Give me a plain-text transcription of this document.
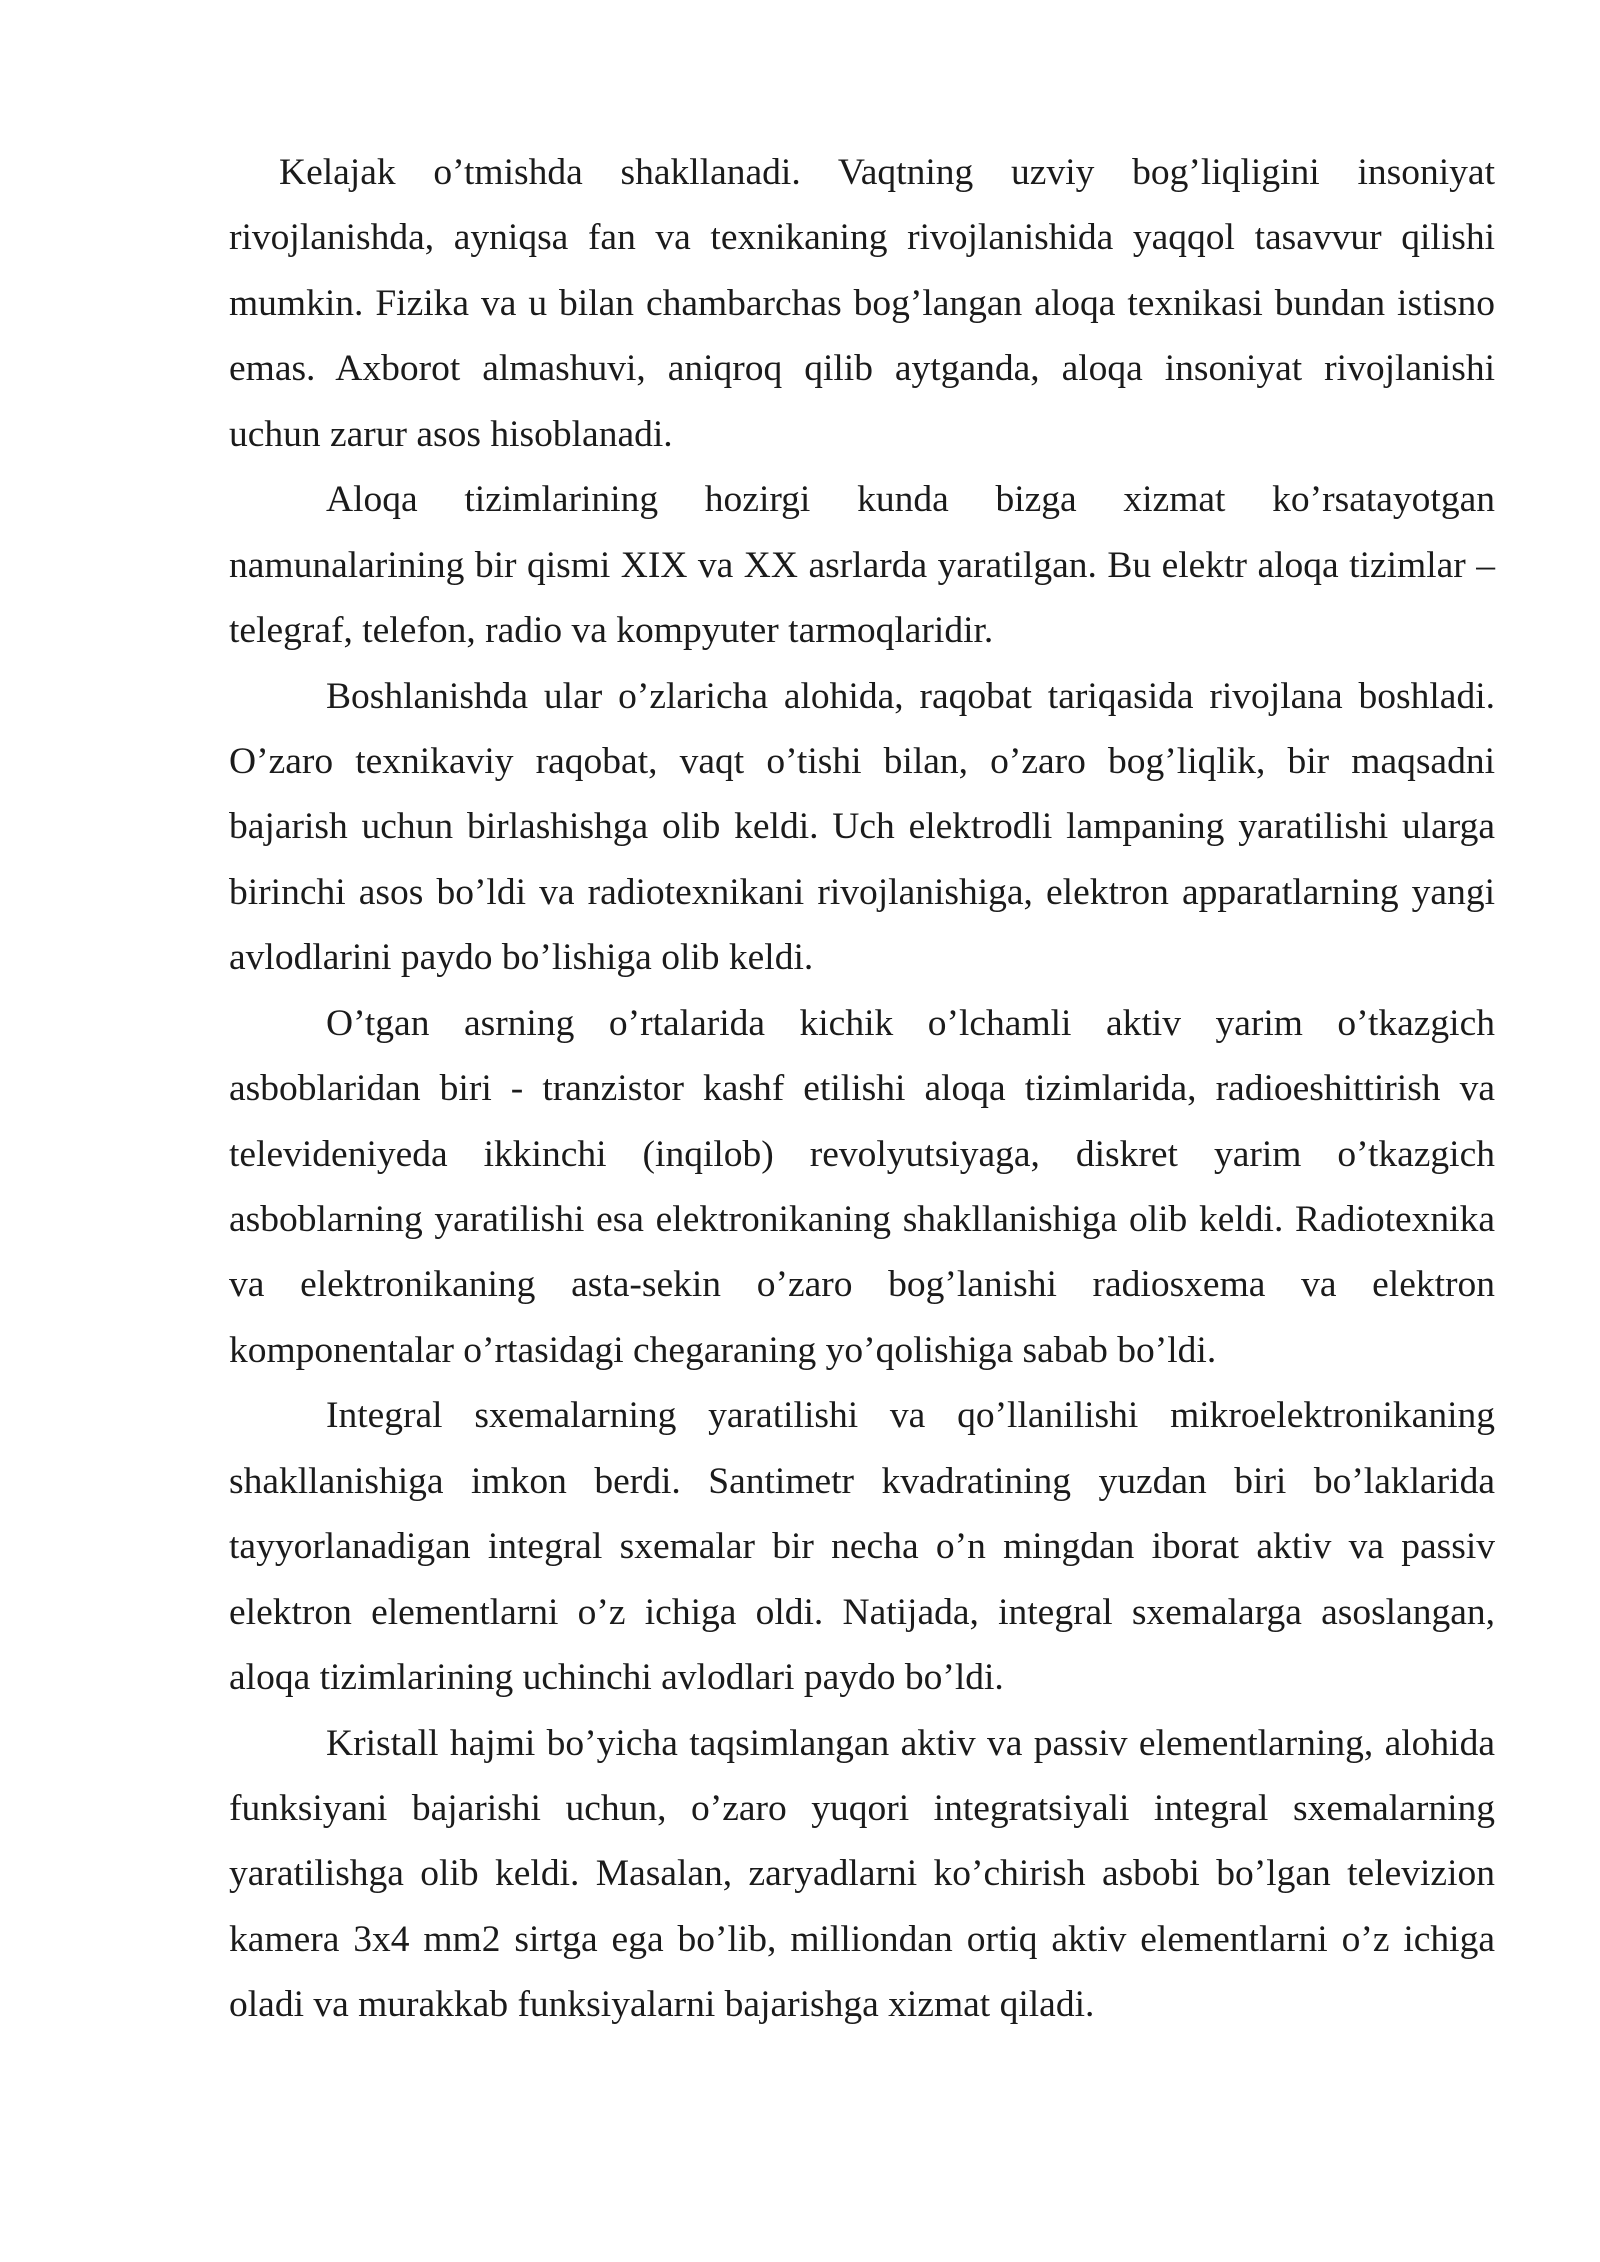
Kelajak o’tmishda shakllanadi. Vaqtning uzviy bog’liqligini insoniyat
rivojlanishda, ayniqsa fan va texnikaning rivojlanishida yaqqol tasavvur qilishi
mumkin. Fizika va u bilan chambarchas bog’langan aloqa texnikasi bundan istisno
emas. Axborot almashuvi, aniqroq qilib aytganda, aloqa insoniyat rivojlanishi
uchun zarur asos hisoblanadi.
Aloqa tizimlarining hozirgi kunda bizga xizmat ko’rsatayotgan
namunalarining bir qismi XIX va XX asrlarda yaratilgan. Bu elektr aloqa tizimlar –
telegraf, telefon, radio va kompyuter tarmoqlaridir.
Boshlanishda ular o’zlaricha alohida, raqobat tariqasida rivojlana boshladi.
O’zaro texnikaviy raqobat, vaqt o’tishi bilan, o’zaro bog’liqlik, bir maqsadni
bajarish uchun birlashishga olib keldi. Uch elektrodli lampaning yaratilishi ularga
birinchi asos bo’ldi va radiotexnikani rivojlanishiga, elektron apparatlarning yangi
avlodlarini paydo bo’lishiga olib keldi.
O’tgan asrning o’rtalarida kichik o’lchamli aktiv yarim o’tkazgich
asboblaridan biri - tranzistor kashf etilishi aloqa tizimlarida, radioeshittirish va
televideniyeda ikkinchi (inqilob) revolyutsiyaga, diskret yarim o’tkazgich
asboblarning yaratilishi esa elektronikaning shakllanishiga olib keldi. Radiotexnika
va elektronikaning asta-sekin o’zaro bog’lanishi radiosxema va elektron
komponentalar o’rtasidagi chegaraning yo’qolishiga sabab bo’ldi.
Integral sxemalarning yaratilishi va qo’llanilishi mikroelektronikaning
shakllanishiga imkon berdi. Santimetr kvadratining yuzdan biri bo’laklarida
tayyorlanadigan integral sxemalar bir necha o’n mingdan iborat aktiv va passiv
elektron elementlarni o’z ichiga oldi. Natijada, integral sxemalarga asoslangan,
aloqa tizimlarining uchinchi avlodlari paydo bo’ldi.
Kristall hajmi bo’yicha taqsimlangan aktiv va passiv elementlarning, alohida
funksiyani bajarishi uchun, o’zaro yuqori integratsiyali integral sxemalarning
yaratilishga olib keldi. Masalan, zaryadlarni ko’chirish asbobi bo’lgan televizion
kamera 3x4 mm2 sirtga ega bo’lib, milliondan ortiq aktiv elementlarni o’z ichiga
oladi va murakkab funksiyalarni bajarishga xizmat qiladi.
